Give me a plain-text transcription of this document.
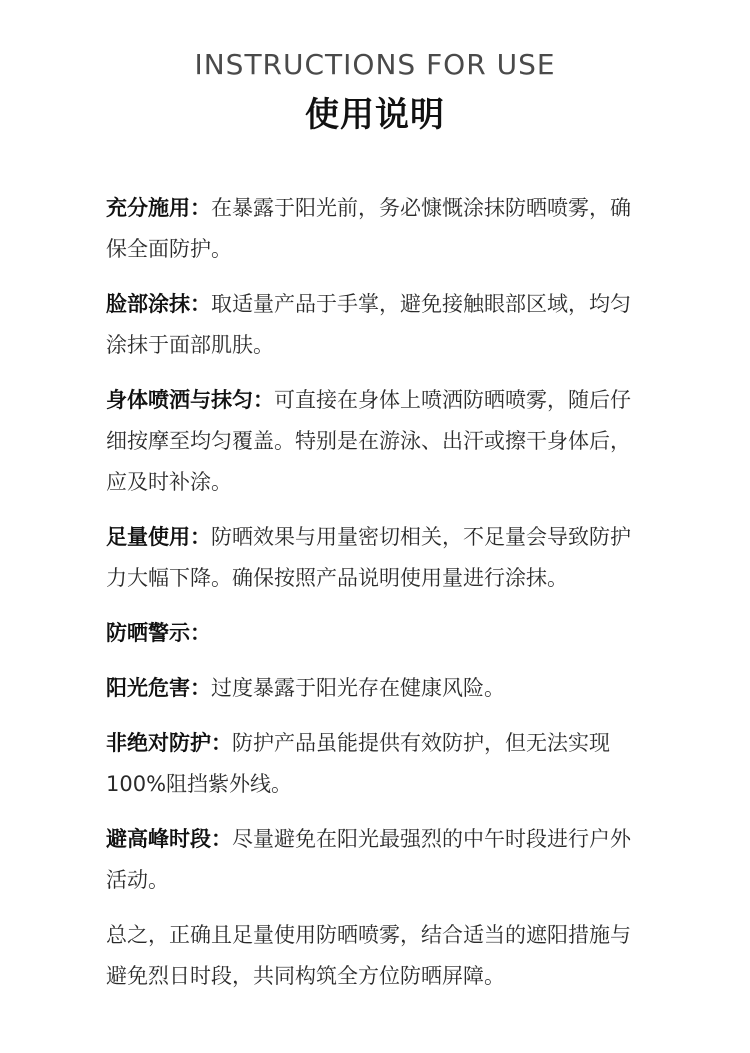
INSTRUCTIONS FOR USE
使用说明

充分施用：在暴露于阳光前，务必慷慨涂抹防晒喷雾，确保全面防护。

脸部涂抹：取适量产品于手掌，避免接触眼部区域，均匀涂抹于面部肌肤。

身体喷洒与抹匀：可直接在身体上喷洒防晒喷雾，随后仔细按摩至均匀覆盖。特别是在游泳、出汗或擦干身体后，应及时补涂。

足量使用：防晒效果与用量密切相关，不足量会导致防护力大幅下降。确保按照产品说明使用量进行涂抹。

防晒警示：

阳光危害：过度暴露于阳光存在健康风险。

非绝对防护：防护产品虽能提供有效防护，但无法实现100%阻挡紫外线。

避高峰时段：尽量避免在阳光最强烈的中午时段进行户外活动。

总之，正确且足量使用防晒喷雾，结合适当的遮阳措施与避免烈日时段，共同构筑全方位防晒屏障。
